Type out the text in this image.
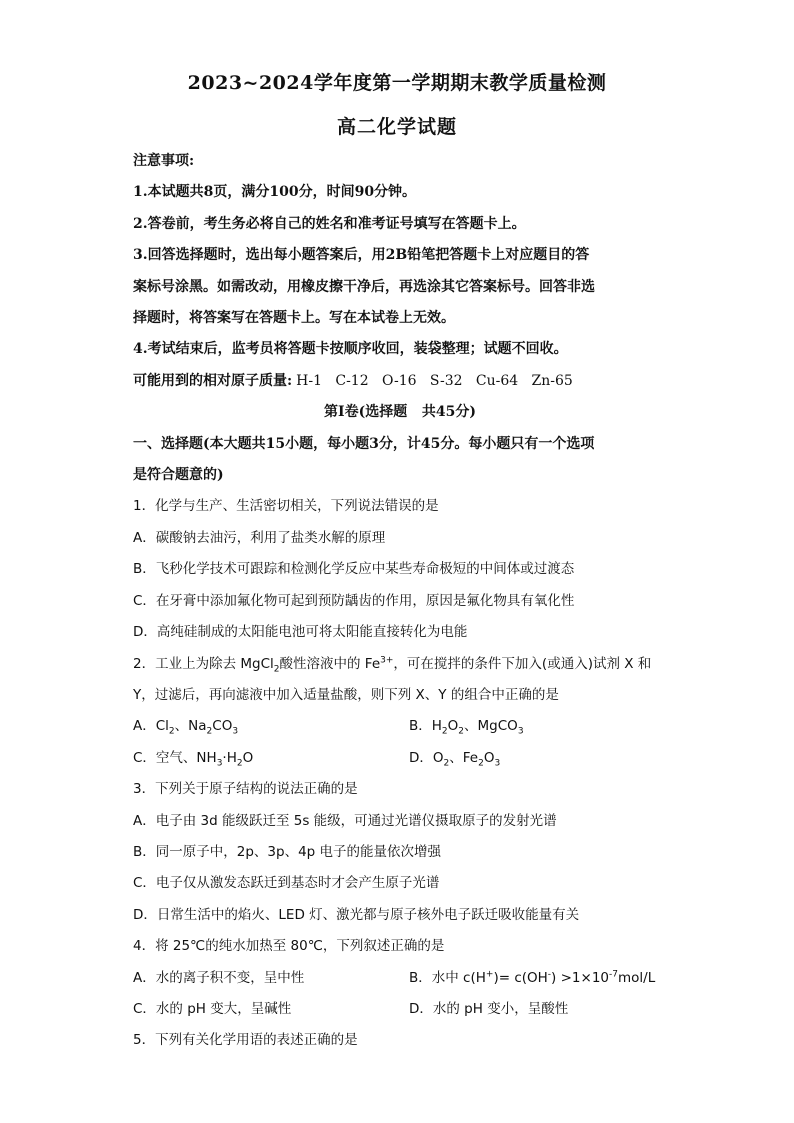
2023~2024学年度第一学期期末教学质量检测
高二化学试题
注意事项:
1.本试题共8页，满分100分，时间90分钟。
2.答卷前，考生务必将自己的姓名和准考证号填写在答题卡上。
3.回答选择题时，选出每小题答案后，用2B铅笔把答题卡上对应题目的答
案标号涂黑。如需改动，用橡皮擦干净后，再选涂其它答案标号。回答非选
择题时，将答案写在答题卡上。写在本试卷上无效。
4.考试结束后，监考员将答题卡按顺序收回，装袋整理；试题不回收。
可能用到的相对原子质量: H-1   C-12   O-16   S-32   Cu-64   Zn-65
第Ⅰ卷(选择题   共45分)
一、选择题(本大题共15小题，每小题3分，计45分。每小题只有一个选项
是符合题意的)
1．化学与生产、生活密切相关，下列说法错误的是
A．碳酸钠去油污，利用了盐类水解的原理
B．飞秒化学技术可跟踪和检测化学反应中某些寿命极短的中间体或过渡态
C．在牙膏中添加氟化物可起到预防龋齿的作用，原因是氟化物具有氧化性
D．高纯硅制成的太阳能电池可将太阳能直接转化为电能
2．工业上为除去 MgCl$_2$酸性溶液中的 $Fe^{3+}$，可在搅拌的条件下加入(或通入)试剂 X 和
Y，过滤后，再向滤液中加入适量盐酸，则下列 X、Y 的组合中正确的是
A．$Cl_2$、$Na_2CO_3$	B．$H_2O_2$、MgCO$_3$
C．空气、$NH_3\cdot H_2O$	D．$O_2$、$Fe_2O_3$
3．下列关于原子结构的说法正确的是
A．电子由 3d 能级跃迁至 5s 能级，可通过光谱仪摄取原子的发射光谱
B．同一原子中，2p、3p、4p 电子的能量依次增强
C．电子仅从激发态跃迁到基态时才会产生原子光谱
D．日常生活中的焰火、LED 灯、激光都与原子核外电子跃迁吸收能量有关
4．将 25℃的纯水加热至 80℃，下列叙述正确的是
A．水的离子积不变，呈中性	B．水中 $c(H^+)= c(OH^-) >1\times 10^{-7}mol/L$
C．水的 pH 变大，呈碱性	D．水的 pH 变小，呈酸性
5．下列有关化学用语的表述正确的是
